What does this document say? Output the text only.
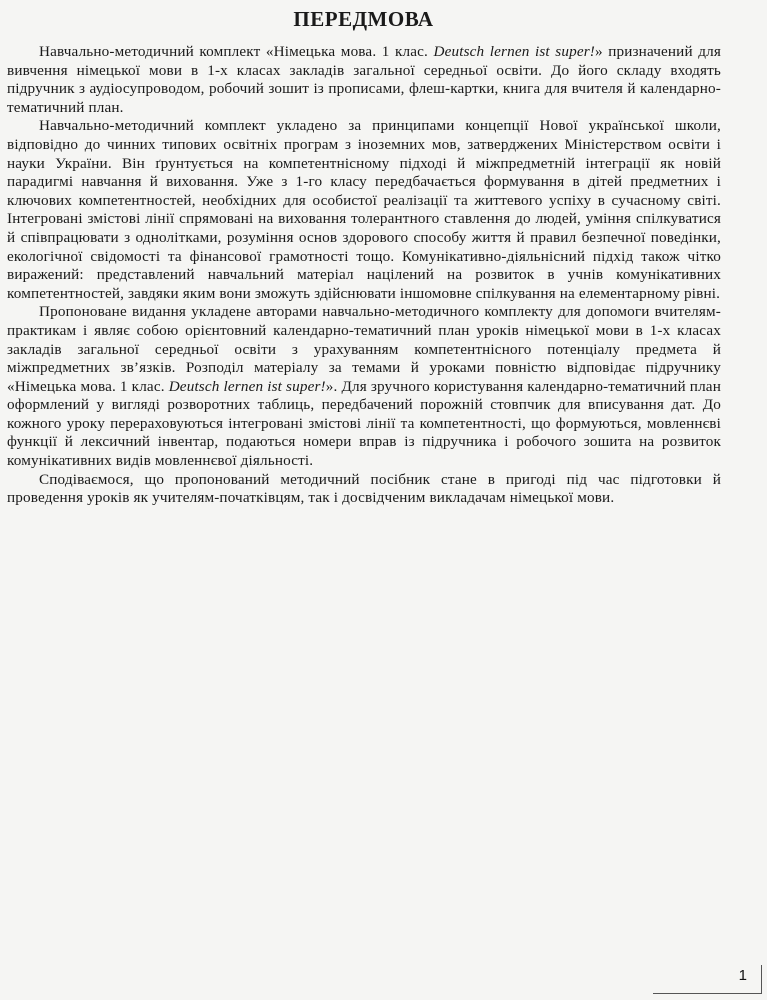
ПЕРЕДМОВА

Навчально-методичний комплект «Німецька мова. 1 клас. Deutsch lernen ist super!» призначений для вивчення німецької мови в 1-х класах закладів загальної середньої освіти. До його складу входять підручник з аудіосупроводом, робочий зошит із прописами, флеш-картки, книга для вчителя й календарно-тематичний план.

Навчально-методичний комплект укладено за принципами концепції Нової української школи, відповідно до чинних типових освітніх програм з іноземних мов, затверджених Міністерством освіти і науки України. Він ґрунтується на компетентнісному підході й міжпредметній інтеграції як новій парадигмі навчання й виховання. Уже з 1-го класу передбачається формування в дітей предметних і ключових компетентностей, необхідних для особистої реалізації та життевого успіху в сучасному світі. Інтегровані змістові лінії спрямовані на виховання толерантного ставлення до людей, уміння спілкуватися й співпрацювати з однолітками, розуміння основ здорового способу життя й правил безпечної поведінки, екологічної свідомості та фінансової грамотності тощо. Комунікативно-діяльнісний підхід також чітко виражений: представлений навчальний матеріал націлений на розвиток в учнів комунікативних компетентностей, завдяки яким вони зможуть здійснювати іншомовне спілкування на елементарному рівні.

Пропоноване видання укладене авторами навчально-методичного комплекту для допомоги вчителям-практикам і являє собою орієнтовний календарно-тематичний план уроків німецької мови в 1-х класах закладів загальної середньої освіти з урахуванням компетентнісного потенціалу предмета й міжпредметних зв’язків. Розподіл матеріалу за темами й уроками повністю відповідає підручнику «Німецька мова. 1 клас. Deutsch lernen ist super!». Для зручного користування календарно-тематичний план оформлений у вигляді розворотних таблиць, передбачений порожній стовпчик для вписування дат. До кожного уроку перераховуються інтегровані змістові лінії та компетентності, що формуються, мовленнєві функції й лексичний інвентар, подаються номери вправ із підручника і робочого зошита на розвиток комунікативних видів мовленнєвої діяльності.

Сподіваємося, що пропонований методичний посібник стане в пригоді під час підготовки й проведення уроків як учителям-початківцям, так і досвідченим викладачам німецької мови.

1
